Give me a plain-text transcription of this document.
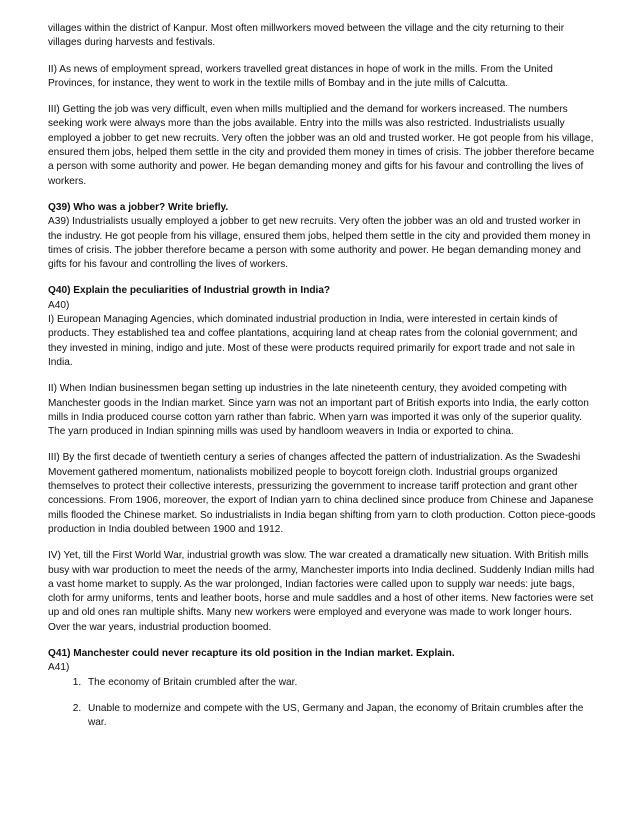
villages within the district of Kanpur. Most often millworkers moved between the village and the city returning to their villages during harvests and festivals.

II) As news of employment spread, workers travelled great distances in hope of work in the mills. From the United Provinces, for instance, they went to work in the textile mills of Bombay and in the jute mills of Calcutta.

III) Getting the job was very difficult, even when mills multiplied and the demand for workers increased. The numbers seeking work were always more than the jobs available. Entry into the mills was also restricted. Industrialists usually employed a jobber to get new recruits. Very often the jobber was an old and trusted worker. He got people from his village, ensured them jobs, helped them settle in the city and provided them money in times of crisis. The jobber therefore became a person with some authority and power. He began demanding money and gifts for his favour and controlling the lives of workers.

Q39) Who was a jobber? Write briefly.

A39) Industrialists usually employed a jobber to get new recruits. Very often the jobber was an old and trusted worker in the industry. He got people from his village, ensured them jobs, helped them settle in the city and provided them money in times of crisis. The jobber therefore became a person with some authority and power. He began demanding money and gifts for his favour and controlling the lives of workers.

Q40) Explain the peculiarities of Industrial growth in India?
A40)

I) European Managing Agencies, which dominated industrial production in India, were interested in certain kinds of products. They established tea and coffee plantations, acquiring land at cheap rates from the colonial government; and they invested in mining, indigo and jute. Most of these were products required primarily for export trade and not sale in India.

II) When Indian businessmen began setting up industries in the late nineteenth century, they avoided competing with Manchester goods in the Indian market. Since yarn was not an important part of British exports into India, the early cotton mills in India produced course cotton yarn rather than fabric. When yarn was imported it was only of the superior quality. The yarn produced in Indian spinning mills was used by handloom weavers in India or exported to china.

III) By the first decade of twentieth century a series of changes affected the pattern of industrialization. As the Swadeshi Movement gathered momentum, nationalists mobilized people to boycott foreign cloth. Industrial groups organized themselves to protect their collective interests, pressurizing the government to increase tariff protection and grant other concessions. From 1906, moreover, the export of Indian yarn to china declined since produce from Chinese and Japanese mills flooded the Chinese market. So industrialists in India began shifting from yarn to cloth production. Cotton piece-goods production in India doubled between 1900 and 1912.

IV) Yet, till the First World War, industrial growth was slow. The war created a dramatically new situation. With British mills busy with war production to meet the needs of the army, Manchester imports into India declined. Suddenly Indian mills had a vast home market to supply. As the war prolonged, Indian factories were called upon to supply war needs: jute bags, cloth for army uniforms, tents and leather boots, horse and mule saddles and a host of other items. New factories were set up and old ones ran multiple shifts. Many new workers were employed and everyone was made to work longer hours. Over the war years, industrial production boomed.

Q41) Manchester could never recapture its old position in the Indian market. Explain.
A41)
1. The economy of Britain crumbled after the war.
2. Unable to modernize and compete with the US, Germany and Japan, the economy of Britain crumbles after the war.
